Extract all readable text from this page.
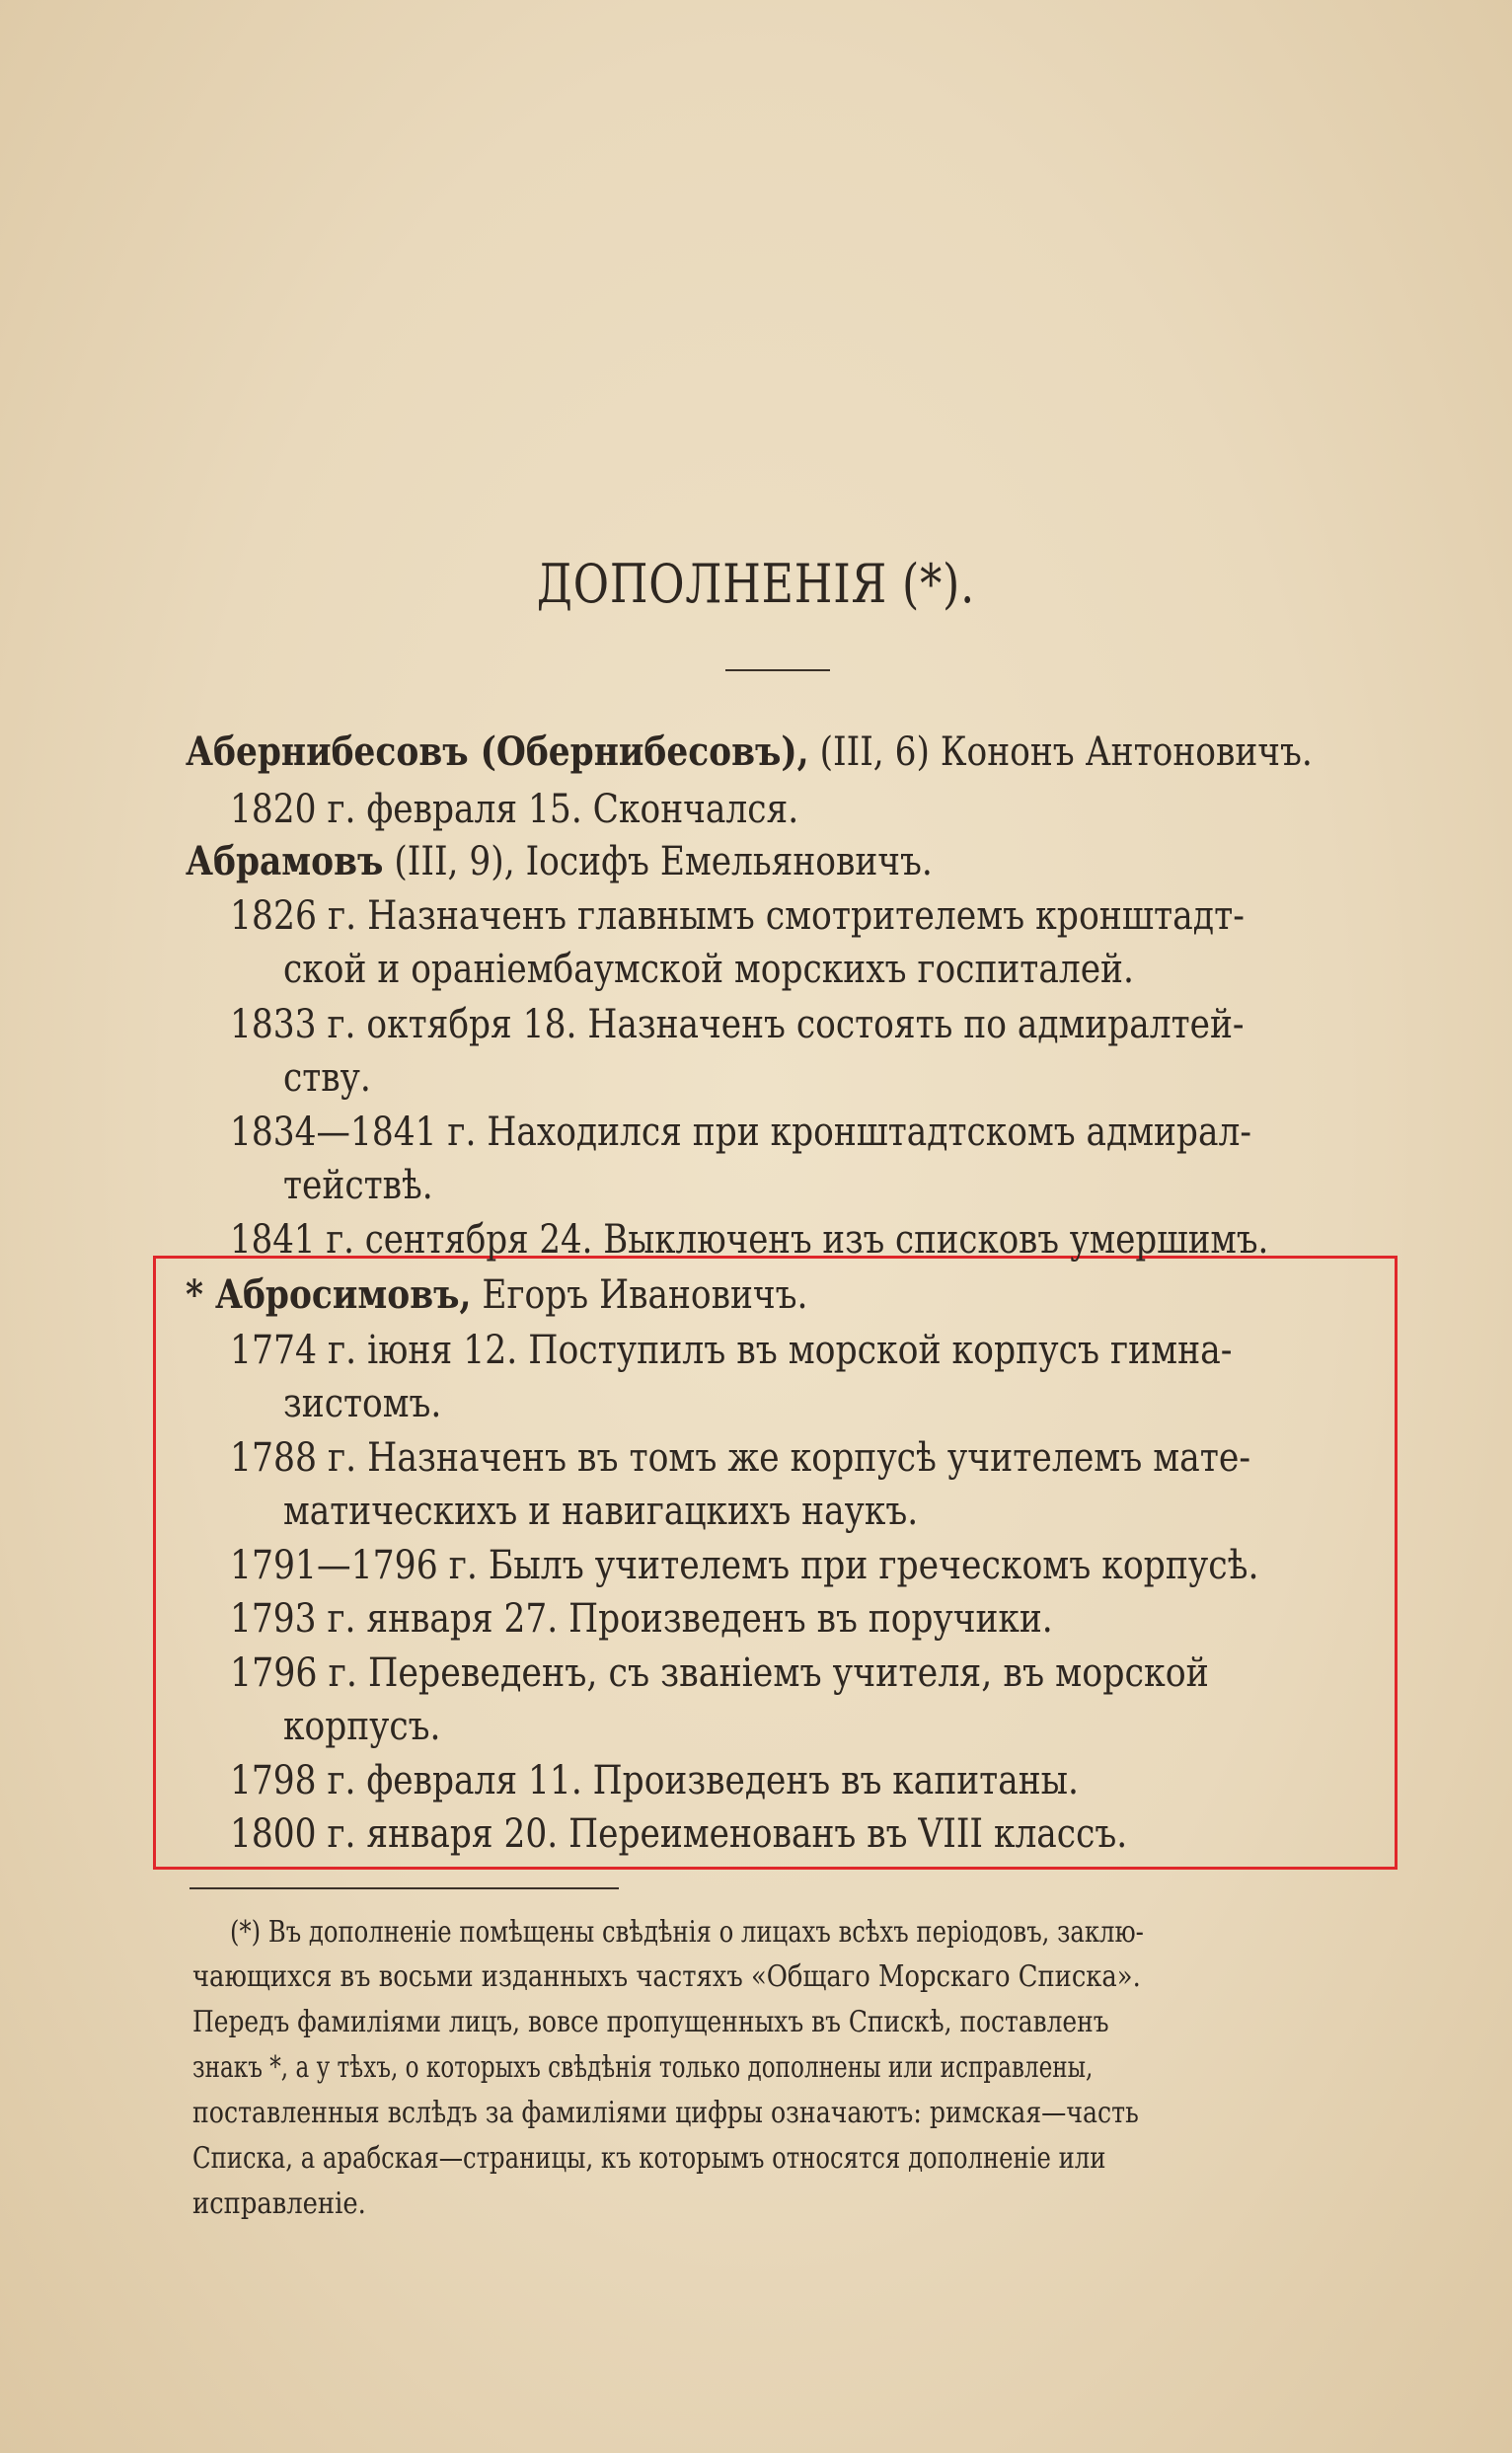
ДОПОЛНЕНІЯ (*).
Абернибесовъ (Обернибесовъ), (III, 6) Кононъ Антоновичъ.
1820 г. февраля 15. Скончался.
Абрамовъ (III, 9), Іосифъ Емельяновичъ.
1826 г. Назначенъ главнымъ смотрителемъ кронштадт-
ской и ораніембаумской морскихъ госпиталей.
1833 г. октября 18. Назначенъ состоять по адмиралтей-
ству.
1834—1841 г. Находился при кронштадтскомъ адмирал-
тействѣ.
1841 г. сентября 24. Выключенъ изъ списковъ умершимъ.
* Абросимовъ, Егоръ Ивановичъ.
1774 г. іюня 12. Поступилъ въ морской корпусъ гимна-
зистомъ.
1788 г. Назначенъ въ томъ же корпусѣ учителемъ мате-
матическихъ и навигацкихъ наукъ.
1791—1796 г. Былъ учителемъ при греческомъ корпусѣ.
1793 г. января 27. Произведенъ въ поручики.
1796 г. Переведенъ, съ званіемъ учителя, въ морской
корпусъ.
1798 г. февраля 11. Произведенъ въ капитаны.
1800 г. января 20. Переименованъ въ VIII классъ.
(*) Въ дополненіе помѣщены свѣдѣнія о лицахъ всѣхъ періодовъ, заклю-
чающихся въ восьми изданныхъ частяхъ «Общаго Морскаго Списка».
Передъ фамиліями лицъ, вовсе пропущенныхъ въ Спискѣ, поставленъ
знакъ *, а у тѣхъ, о которыхъ свѣдѣнія только дополнены или исправлены,
поставленныя вслѣдъ за фамиліями цифры означаютъ: римская—часть
Списка, а арабская—страницы, къ которымъ относятся дополненіе или
исправленіе.
